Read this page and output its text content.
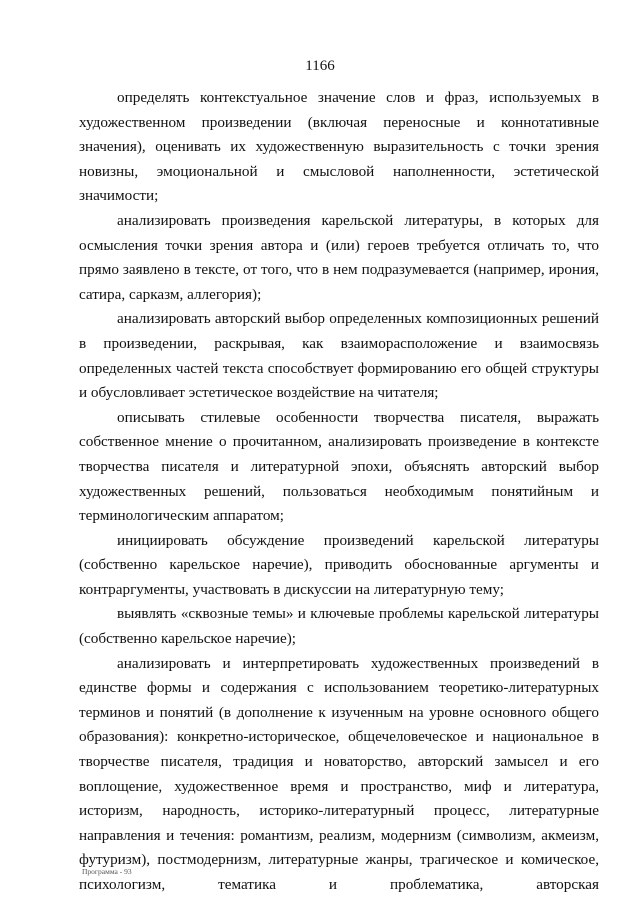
1166

определять контекстуальное значение слов и фраз, используемых в художественном произведении (включая переносные и коннотативные значения), оценивать их художественную выразительность с точки зрения новизны, эмоциональной и смысловой наполненности, эстетической значимости;

анализировать произведения карельской литературы, в которых для осмысления точки зрения автора и (или) героев требуется отличать то, что прямо заявлено в тексте, от того, что в нем подразумевается (например, ирония, сатира, сарказм, аллегория);

анализировать авторский выбор определенных композиционных решений в произведении, раскрывая, как взаиморасположение и взаимосвязь определенных частей текста способствует формированию его общей структуры и обусловливает эстетическое воздействие на читателя;

описывать стилевые особенности творчества писателя, выражать собственное мнение о прочитанном, анализировать произведение в контексте творчества писателя и литературной эпохи, объяснять авторский выбор художественных решений, пользоваться необходимым понятийным и терминологическим аппаратом;

инициировать обсуждение произведений карельской литературы (собственно карельское наречие), приводить обоснованные аргументы и контраргументы, участвовать в дискуссии на литературную тему;

выявлять «сквозные темы» и ключевые проблемы карельской литературы (собственно карельское наречие);

анализировать и интерпретировать художественных произведений в единстве формы и содержания с использованием теоретико-литературных терминов и понятий (в дополнение к изученным на уровне основного общего образования): конкретно-историческое, общечеловеческое и национальное в творчестве писателя, традиция и новаторство, авторский замысел и его воплощение, художественное время и пространство, миф и литература, историзм, народность, историко-литературный процесс, литературные направления и течения: романтизм, реализм, модернизм (символизм, акмеизм, футуризм), постмодернизм, литературные жанры, трагическое и комическое, психологизм, тематика и проблематика, авторская

Программа - 93
